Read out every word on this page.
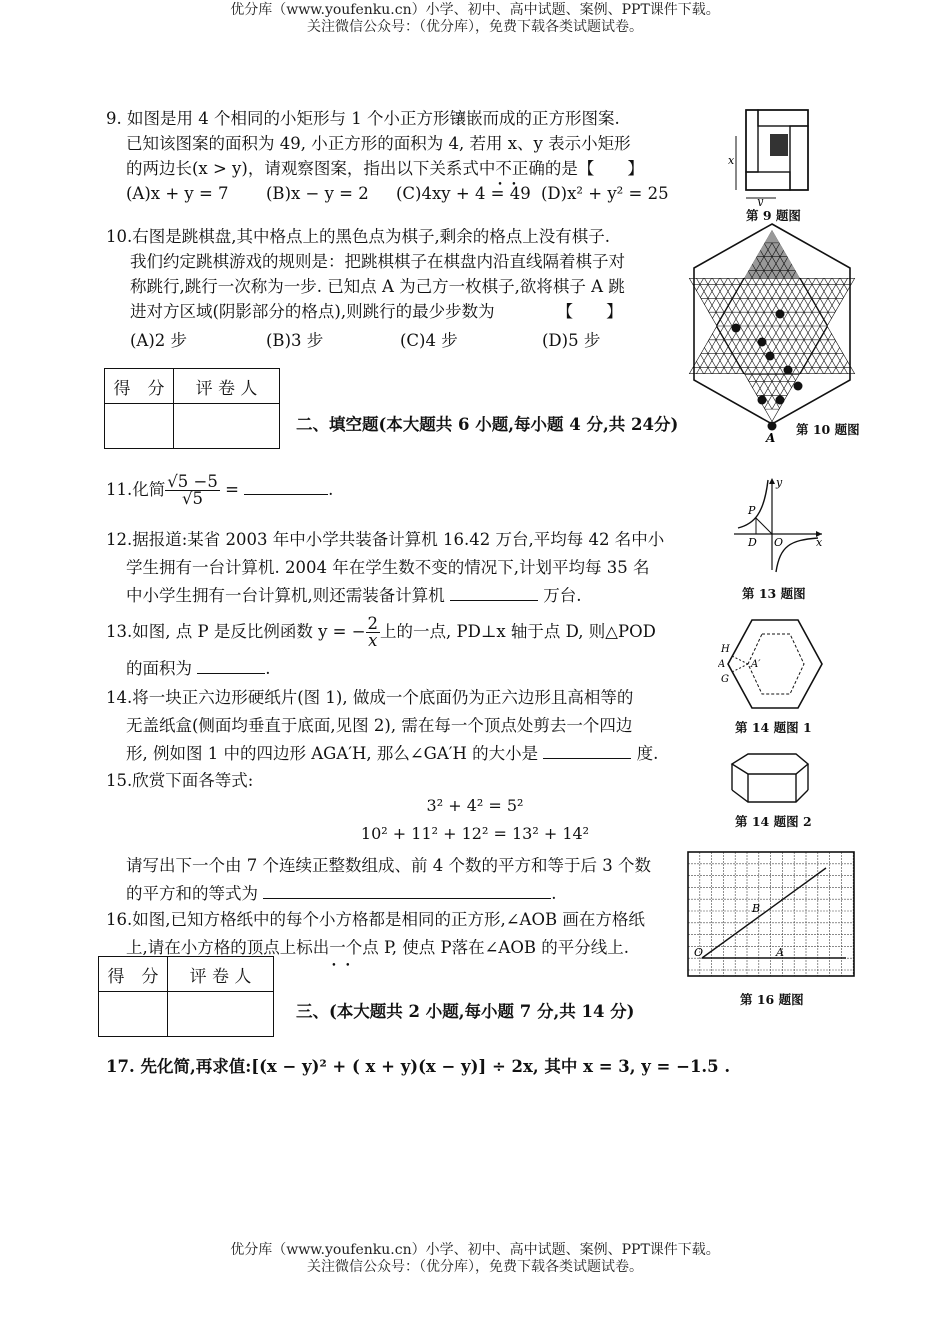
优分库（www.youfenku.cn）小学、初中、高中试题、案例、PPT课件下载。
关注微信公众号：（优分库），免费下载各类试题试卷。

9. 如图是用 4 个相同的小矩形与 1 个小正方形镶嵌而成的正方形图案.

已知该图案的面积为 49, 小正方形的面积为 4, 若用 x、y 表示小矩形

的两边长(x > y)，请观察图案，指出以下关系式中不正确 •   •的是【　　】

(A)x + y = 7 (B)x − y = 2 (C)4xy + 4 = 49 (D)x² + y² = 25

x
y
第 9 题图

10.右图是跳棋盘,其中格点上的黑色点为棋子,剩余的格点上没有棋子.

我们约定跳棋游戏的规则是：把跳棋棋子在棋盘内沿直线隔着棋子对

称跳行,跳行一次称为一步. 已知点 A 为己方一枚棋子,欲将棋子 A 跳

进对方区域(阴影部分的格点),则跳行的最少步数为	【　　】

(A)2 步	(B)3 步	(C)4 步	(D)5 步

A
第 10 题图
得　分	评 卷 人

二、填空题(本大题共 6 小题,每小题 4 分,共 24分)
11.化简 $\frac{√5 -5}{√5}$ =	.

12.据报道:某省 2003 年中小学共装备计算机 16.42 万台,平均每 42 名中小

学生拥有一台计算机. 2004 年在学生数不变的情况下,计划平均每 35 名

中小学生拥有一台计算机,则还需装备计算机	万台.

P
D O	x
y
第 13 题图

13.如图, 点 P 是反比例函数 y = − $\frac{2}{x}$ 上的一点, PD⊥x 轴于点 D, 则△POD

的面积为	.

H
A
G
A′
第 14 题图 1
第 14 题图 2

14.将一块正六边形硬纸片(图 1), 做成一个底面仍为正六边形且高相等的

无盖纸盒(侧面均垂直于底面,见图 2), 需在每一个顶点处剪去一个四边

形, 例如图 1 中的四边形 AGA′H, 那么∠GA′H 的大小是	度.

15.欣赏下面各等式:

3² + 4² = 5²
10² + 11² + 12² = 13² + 14²

请写出下一个由 7 个连续正整数组成、前 4 个数的平方和等于后 3 个数

的平方和的等式为	.

16.如图,已知方格纸中的每个小方格都是相同的正方形,∠AOB 画在方格纸

上,请在小方格的顶点上标出一个 •   •点 P, 使点 P落在∠AOB 的平分线上.	O	A
B
第 16 题图
得　分	评 卷 人

三、(本大题共 2 小题,每小题 7 分,共 14 分)
17. 先化简,再求值:[(x − y)² + ( x + y)(x − y)] ÷ 2x, 其中 x = 3, y = −1.5 .
优分库（www.youfenku.cn）小学、初中、高中试题、案例、PPT课件下载。
关注微信公众号：（优分库），免费下载各类试题试卷。
